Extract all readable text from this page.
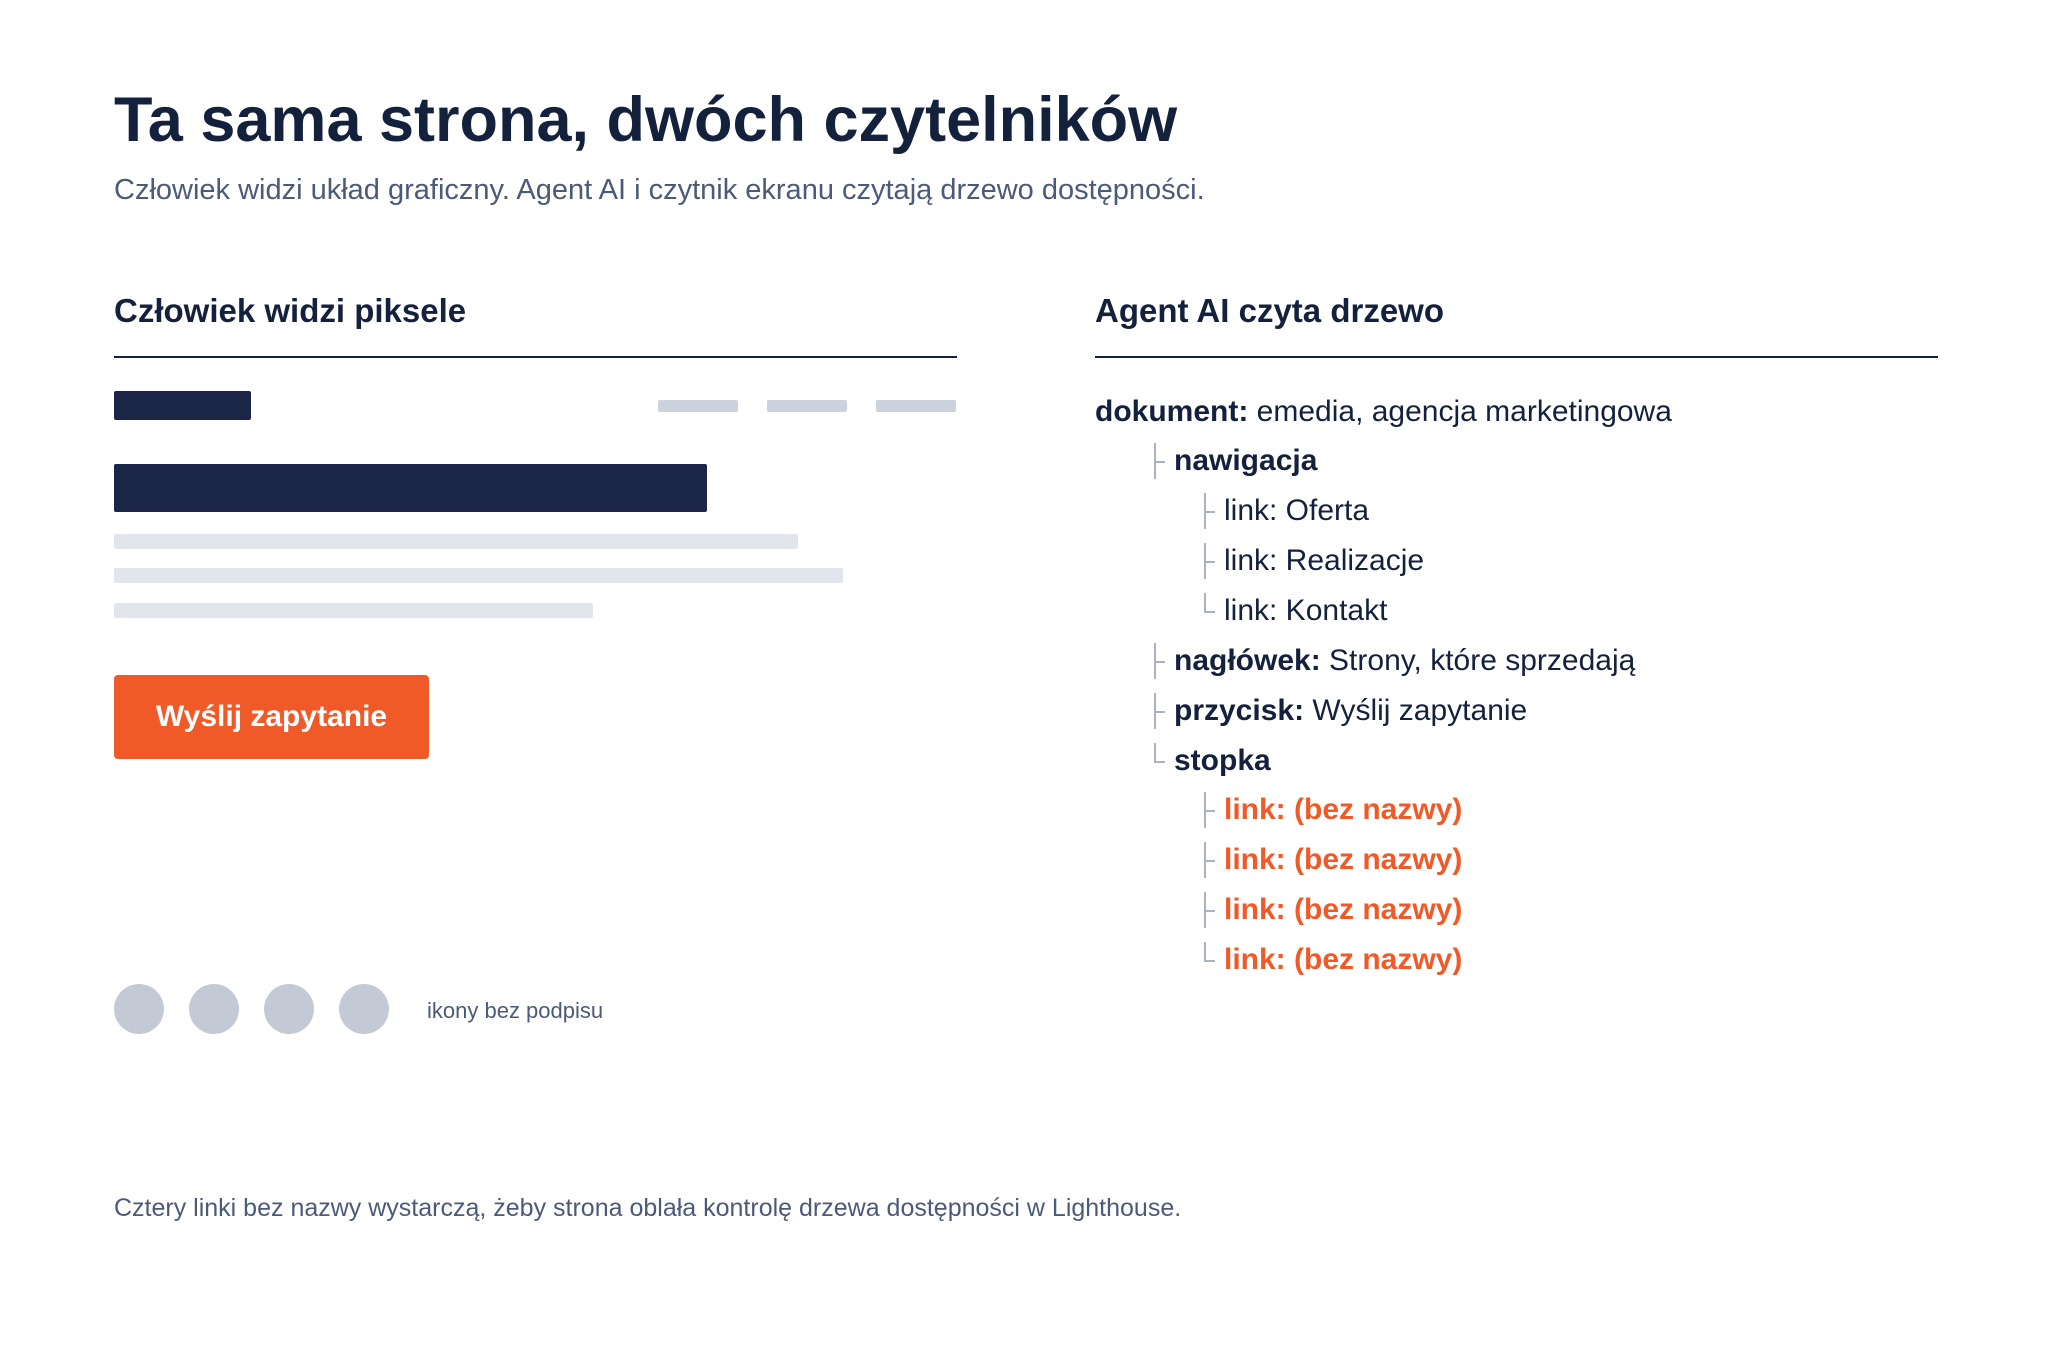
Ta sama strona, dwóch czytelników

Człowiek widzi układ graficzny. Agent AI i czytnik ekranu czytają drzewo dostępności.

Człowiek widzi piksele
Wyślij zapytanie

ikony bez podpisu

Agent AI czyta drzewo
dokument: emedia, agencja marketingowa
nawigacja
link: Oferta
link: Realizacje
link: Kontakt
nagłówek: Strony, które sprzedają
przycisk: Wyślij zapytanie
stopka
link: (bez nazwy)
link: (bez nazwy)
link: (bez nazwy)
link: (bez nazwy)

Cztery linki bez nazwy wystarczą, żeby strona oblała kontrolę drzewa dostępności w Lighthouse.
